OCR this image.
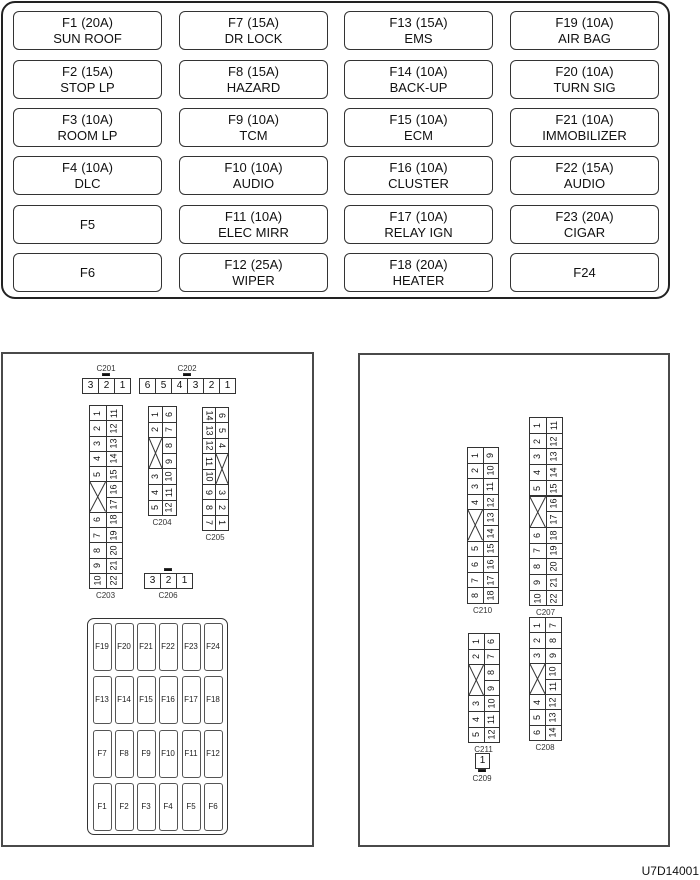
F1 (20A)
SUN ROOF
F2 (15A)
STOP LP
F3 (10A)
ROOM LP
F4 (10A)
DLC
F5
F6
F7 (15A)
DR LOCK
F8 (15A)
HAZARD
F9 (10A)
TCM
F10 (10A)
AUDIO
F11 (10A)
ELEC MIRR
F12 (25A)
WIPER
F13 (15A)
EMS
F14 (10A)
BACK-UP
F15 (10A)
ECM
F16 (10A)
CLUSTER
F17 (10A)
RELAY IGN
F18 (20A)
HEATER
F19 (10A)
AIR BAG
F20 (10A)
TURN SIG
F21 (10A)
IMMOBILIZER
F22 (15A)
AUDIO
F23 (20A)
CIGAR
F24
3 2 1
C201
6 5 4 3 2 1
C202
1
2
3
4
5
6
7
8
9
10
11
12
13
14
15
16
17
18
19
20
21
22
C203
1
2
3
4
5
6
7
8
9
10
11
12
C204
14
13
12
11
10
9
8
7
6
5
4
3
2
1
C205
3 2 1
C206
F19	F20	F21	F22	F23	F24
F13	F14	F15	F16	F17	F18
F7	F8	F9	F10	F11	F12
F1	F2	F3	F4	F5	F6
1
2
3
4
5
6
7
8
9
10
11
12
13
14
15
16
17
18
19
20
21
22
C207
1
2
3
4
5
6
7
8
9
10
11
12
13
14
C208
1
C209
1
2
3
4
5
6
7
8
9
10
11
12
13
14
15
16
17
18
C210
1
2
3
4
5
6
7
8
9
10
11
12
C211
U7D14001
